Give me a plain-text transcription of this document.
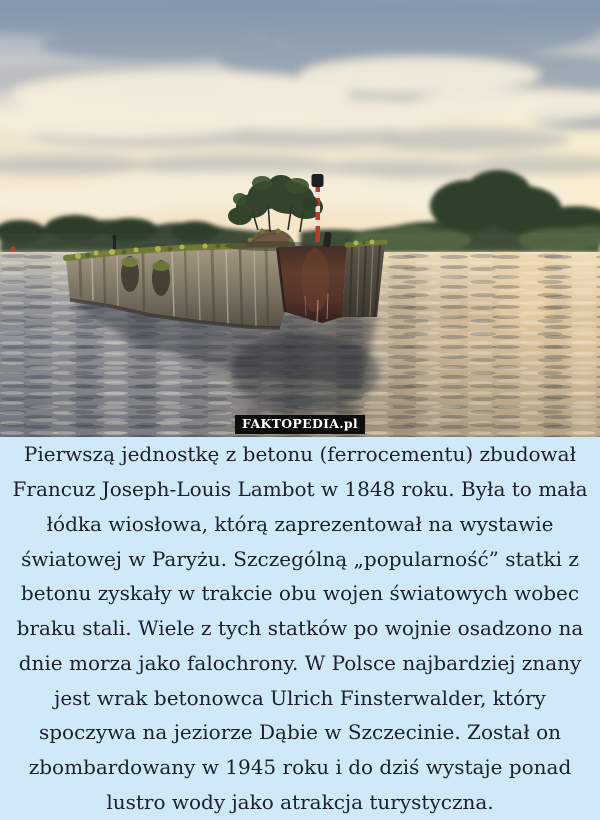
FAKTOPEDIA.pl
Pierwszą jednostkę z betonu (ferrocementu) zbudował
Francuz Joseph-Louis Lambot w 1848 roku. Była to mała
łódka wiosłowa, którą zaprezentował na wystawie
światowej w Paryżu. Szczególną „popularność” statki z
betonu zyskały w trakcie obu wojen światowych wobec
braku stali. Wiele z tych statków po wojnie osadzono na
dnie morza jako falochrony. W Polsce najbardziej znany
jest wrak betonowca Ulrich Finsterwalder, który
spoczywa na jeziorze Dąbie w Szczecinie. Został on
zbombardowany w 1945 roku i do dziś wystaje ponad
lustro wody jako atrakcja turystyczna.
